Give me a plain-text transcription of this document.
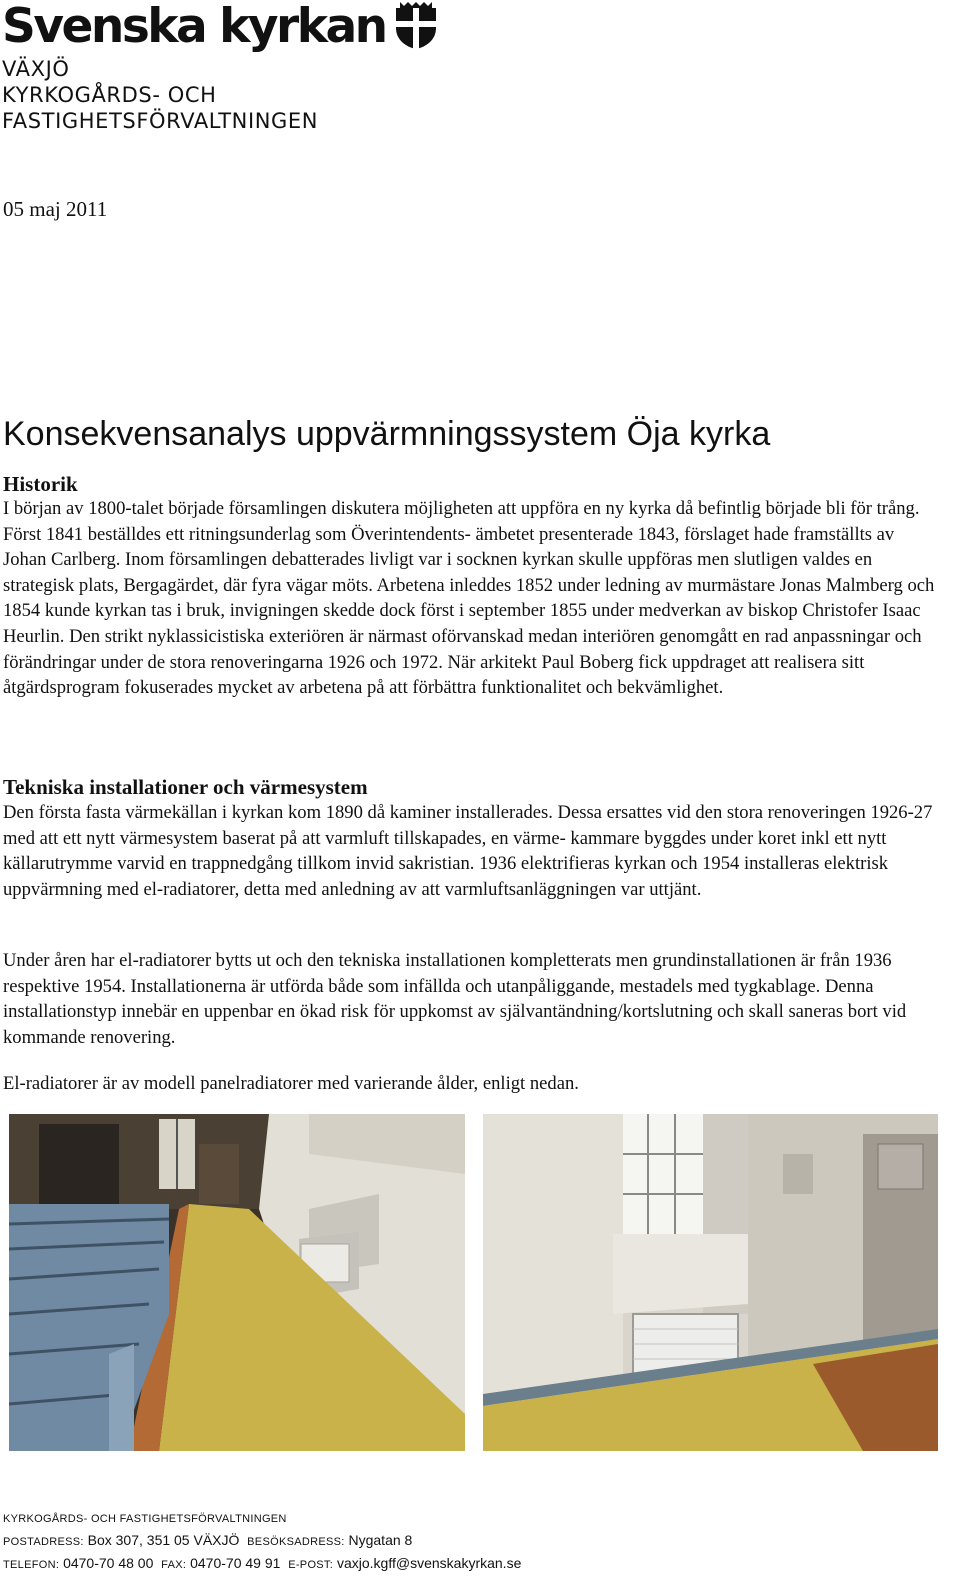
Svenska kyrkan
VÄXJÖ
KYRKOGÅRDS- OCH
FASTIGHETSFÖRVALTNINGEN
05 maj 2011
Konsekvensanalys uppvärmningssystem Öja kyrka
Historik

I början av 1800-talet började församlingen diskutera möjligheten att uppföra en ny kyrka då befintlig började bli för trång. Först 1841 beställdes ett ritningsunderlag som Överintendents- ämbetet presenterade 1843, förslaget hade framställts av Johan Carlberg. Inom församlingen debatterades livligt var i socknen kyrkan skulle uppföras men slutligen valdes en strategisk plats, Bergagärdet, där fyra vägar möts. Arbetena inleddes 1852 under ledning av murmästare Jonas Malmberg och 1854 kunde kyrkan tas i bruk, invigningen skedde dock först i september 1855 under medverkan av biskop Christofer Isaac Heurlin. Den strikt nyklassicistiska exteriören är närmast oförvanskad medan interiören genomgått en rad anpassningar och förändringar under de stora renoveringarna 1926 och 1972. När arkitekt Paul Boberg fick uppdraget att realisera sitt åtgärdsprogram fokuserades mycket av arbetena på att förbättra funktionalitet och bekvämlighet.

Tekniska installationer och värmesystem

Den första fasta värmekällan i kyrkan kom 1890 då kaminer installerades. Dessa ersattes vid den stora renoveringen 1926-27 med att ett nytt värmesystem baserat på att varmluft tillskapades, en värme- kammare byggdes under koret inkl ett nytt källarutrymme varvid en trappnedgång tillkom invid sakristian. 1936 elektrifieras kyrkan och 1954 installeras elektrisk uppvärmning med el-radiatorer, detta med anledning av att varmluftsanläggningen var uttjänt.

Under åren har el-radiatorer bytts ut och den tekniska installationen kompletterats men grundinstallationen är från 1936 respektive 1954. Installationerna är utförda både som infällda och utanpåliggande, mestadels med tygkablage. Denna installationstyp innebär en uppenbar en ökad risk för uppkomst av självantändning/kortslutning och skall saneras bort vid kommande renovering.

El-radiatorer är av modell panelradiatorer med varierande ålder, enligt nedan.

KYRKOGÅRDS- OCH FASTIGHETSFÖRVALTNINGEN
POSTADRESS: Box 307, 351 05 VÄXJÖ BESÖKSADRESS: Nygatan 8
TELEFON: 0470-70 48 00 FAX: 0470-70 49 91 E-POST: vaxjo.kgff@svenskakyrkan.se
